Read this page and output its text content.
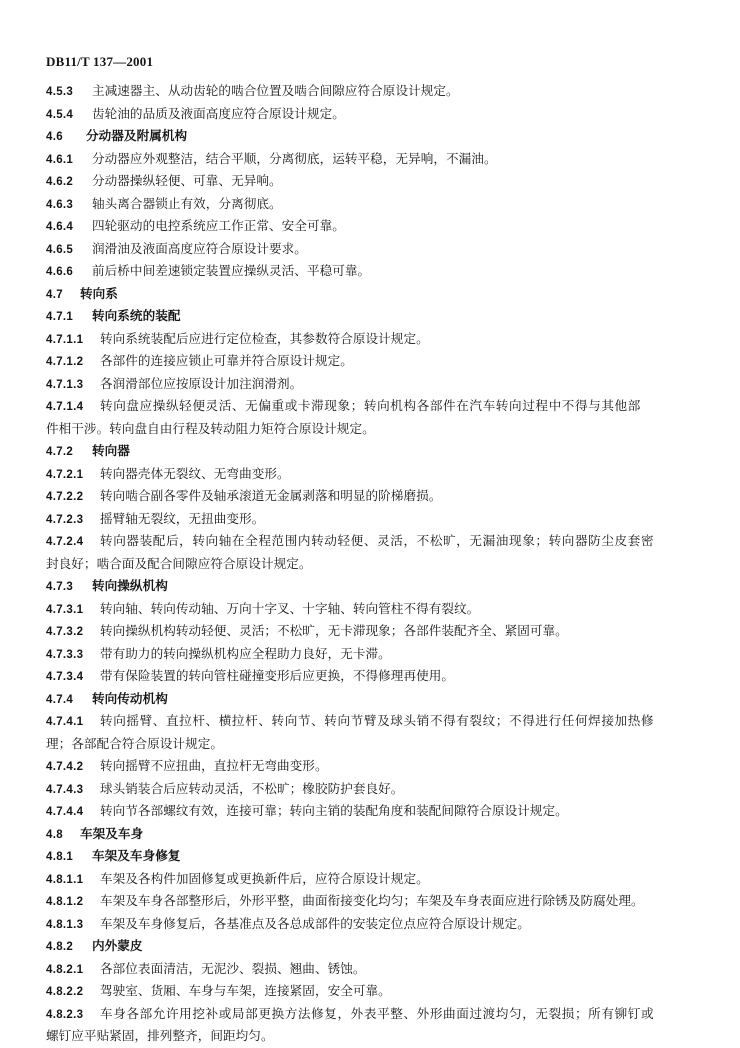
DB11/T 137—2001
4.5.3 主减速器主、从动齿轮的啮合位置及啮合间隙应符合原设计规定。
4.5.4 齿轮油的品质及液面高度应符合原设计规定。
4.6 分动器及附属机构
4.6.1 分动器应外观整洁，结合平顺，分离彻底，运转平稳，无异响，不漏油。
4.6.2 分动器操纵轻便、可靠、无异响。
4.6.3 轴头离合器锁止有效，分离彻底。
4.6.4 四轮驱动的电控系统应工作正常、安全可靠。
4.6.5 润滑油及液面高度应符合原设计要求。
4.6.6 前后桥中间差速锁定装置应操纵灵活、平稳可靠。
4.7 转向系
4.7.1 转向系统的装配
4.7.1.1 转向系统装配后应进行定位检查，其参数符合原设计规定。
4.7.1.2 各部件的连接应锁止可靠并符合原设计规定。
4.7.1.3 各润滑部位应按原设计加注润滑剂。
4.7.1.4 转向盘应操纵轻便灵活、无偏重或卡滞现象；转向机构各部件在汽车转向过程中不得与其他部
件相干涉。转向盘自由行程及转动阻力矩符合原设计规定。
4.7.2 转向器
4.7.2.1 转向器壳体无裂纹、无弯曲变形。
4.7.2.2 转向啮合副各零件及轴承滚道无金属剥落和明显的阶梯磨损。
4.7.2.3 摇臂轴无裂纹，无扭曲变形。
4.7.2.4 转向器装配后，转向轴在全程范围内转动轻便、灵活，不松旷，无漏油现象；转向器防尘皮套密
封良好；啮合面及配合间隙应符合原设计规定。
4.7.3 转向操纵机构
4.7.3.1 转向轴、转向传动轴、万向十字叉、十字轴、转向管柱不得有裂纹。
4.7.3.2 转向操纵机构转动轻便、灵活；不松旷，无卡滞现象；各部件装配齐全、紧固可靠。
4.7.3.3 带有助力的转向操纵机构应全程助力良好，无卡滞。
4.7.3.4 带有保险装置的转向管柱碰撞变形后应更换，不得修理再使用。
4.7.4 转向传动机构
4.7.4.1 转向摇臂、直拉杆、横拉杆、转向节、转向节臂及球头销不得有裂纹；不得进行任何焊接加热修
理；各部配合符合原设计规定。
4.7.4.2 转向摇臂不应扭曲，直拉杆无弯曲变形。
4.7.4.3 球头销装合后应转动灵活，不松旷；橡胶防护套良好。
4.7.4.4 转向节各部螺纹有效，连接可靠；转向主销的装配角度和装配间隙符合原设计规定。
4.8 车架及车身
4.8.1 车架及车身修复
4.8.1.1 车架及各构件加固修复或更换新件后，应符合原设计规定。
4.8.1.2 车架及车身各部整形后，外形平整，曲面衔接变化均匀；车架及车身表面应进行除锈及防腐处理。
4.8.1.3 车架及车身修复后，各基准点及各总成部件的安装定位点应符合原设计规定。
4.8.2 内外蒙皮
4.8.2.1 各部位表面清洁，无泥沙、裂损、翘曲、锈蚀。
4.8.2.2 驾驶室、货厢、车身与车架，连接紧固，安全可靠。
4.8.2.3 车身各部允许用挖补或局部更换方法修复，外表平整、外形曲面过渡均匀，无裂损；所有铆钉或
螺钉应平贴紧固，排列整齐，间距均匀。
